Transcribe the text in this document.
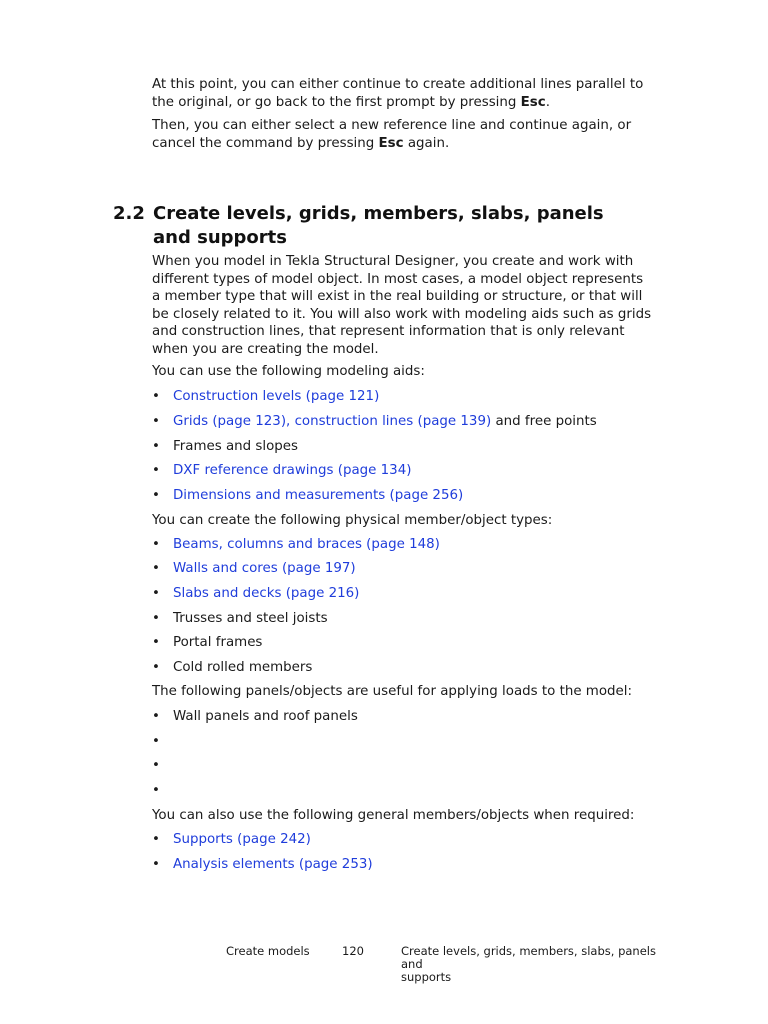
At this point, you can either continue to create additional lines parallel to the original, or go back to the first prompt by pressing Esc.

Then, you can either select a new reference line and continue again, or cancel the command by pressing Esc again.

2.2 Create levels, grids, members, slabs, panels and supports

When you model in Tekla Structural Designer, you create and work with different types of model object. In most cases, a model object represents a member type that will exist in the real building or structure, or that will be closely related to it. You will also work with modeling aids such as grids and construction lines, that represent information that is only relevant when you are creating the model.

You can use the following modeling aids:

• Construction levels (page 121)
• Grids (page 123), construction lines (page 139) and free points
• Frames and slopes
• DXF reference drawings (page 134)
• Dimensions and measurements (page 256)

You can create the following physical member/object types:

• Beams, columns and braces (page 148)
• Walls and cores (page 197)
• Slabs and decks (page 216)
• Trusses and steel joists
• Portal frames
• Cold rolled members

The following panels/objects are useful for applying loads to the model:

• Wall panels and roof panels
•
•
•

You can also use the following general members/objects when required:

• Supports (page 242)
• Analysis elements (page 253)
Create models	120	Create levels, grids, members, slabs, panels and
supports
